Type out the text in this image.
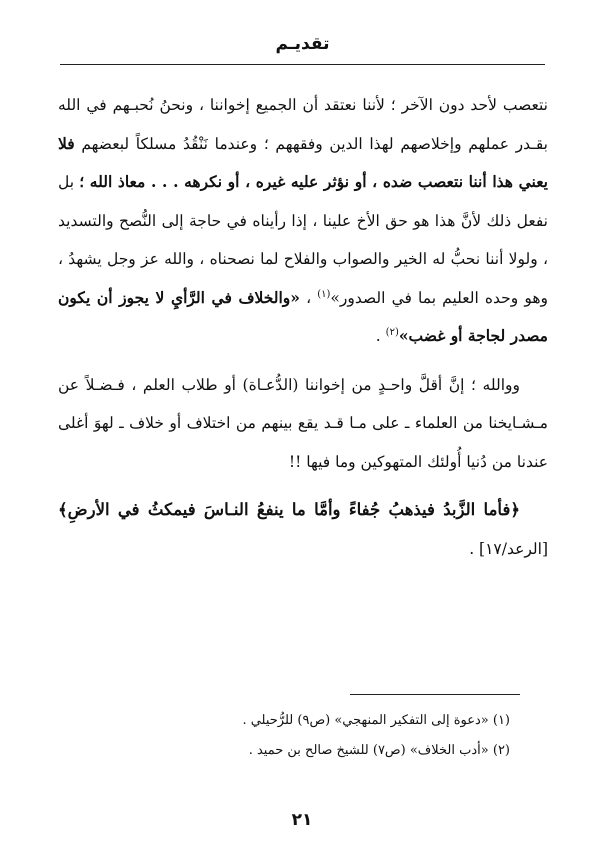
تقديـم

نتعصب لأحد دون الآخر ؛ لأننا نعتقد أن الجميع إخواننا ، ونحنُ نُحبـهم في الله بقـدر عملهم وإخلاصهم لهذا الدين وفقههم ؛ وعندما نَنْقُدُ مسلكاً لبعضهم فلا يعني هذا أننا نتعصب ضده ، أو نؤثر عليه غيره ، أو نكرهه . . . معاذ الله ؛ بل نفعل ذلك لأنَّ هذا هو حق الأخ علينا ، إذا رأيناه في حاجة إلى النُّصح والتسديد ، ولولا أننا نحبُّ له الخير والصواب والفلاح لما نصحناه ، والله عز وجل يشهدُ ، وهو وحده العليم بما في الصدور»$^{(١)}$ ، «والخلاف في الرَّأيِ لا يجوز أن يكون مصدر لجاجة أو غضب»$^{(٢)}$ .

ووالله ؛ إنَّ أقلَّ واحـدٍ من إخواننا (الدُّعـاة) أو طلاب العلم ، فـضـلاً عن مـشـايخنا من العلماء ـ على مـا قـد يقع بينهم من اختلاف أو خلاف ـ لهوَ أغلى عندنا من دُنيا أُولئك المتهوكين وما فيها !!

﴿فأما الزَّبدُ فيذهبُ جُفاءً وأمَّا ما ينفعُ النـاسَ فيمكثُ في الأرضِ﴾ [الرعد/١٧] .

(١) «دعوة إلى التفكير المنهجي» (ص٩) للرُّحيلي .

(٢) «أدب الخلاف» (ص٧) للشيخ صالح بن حميد .

٢١
